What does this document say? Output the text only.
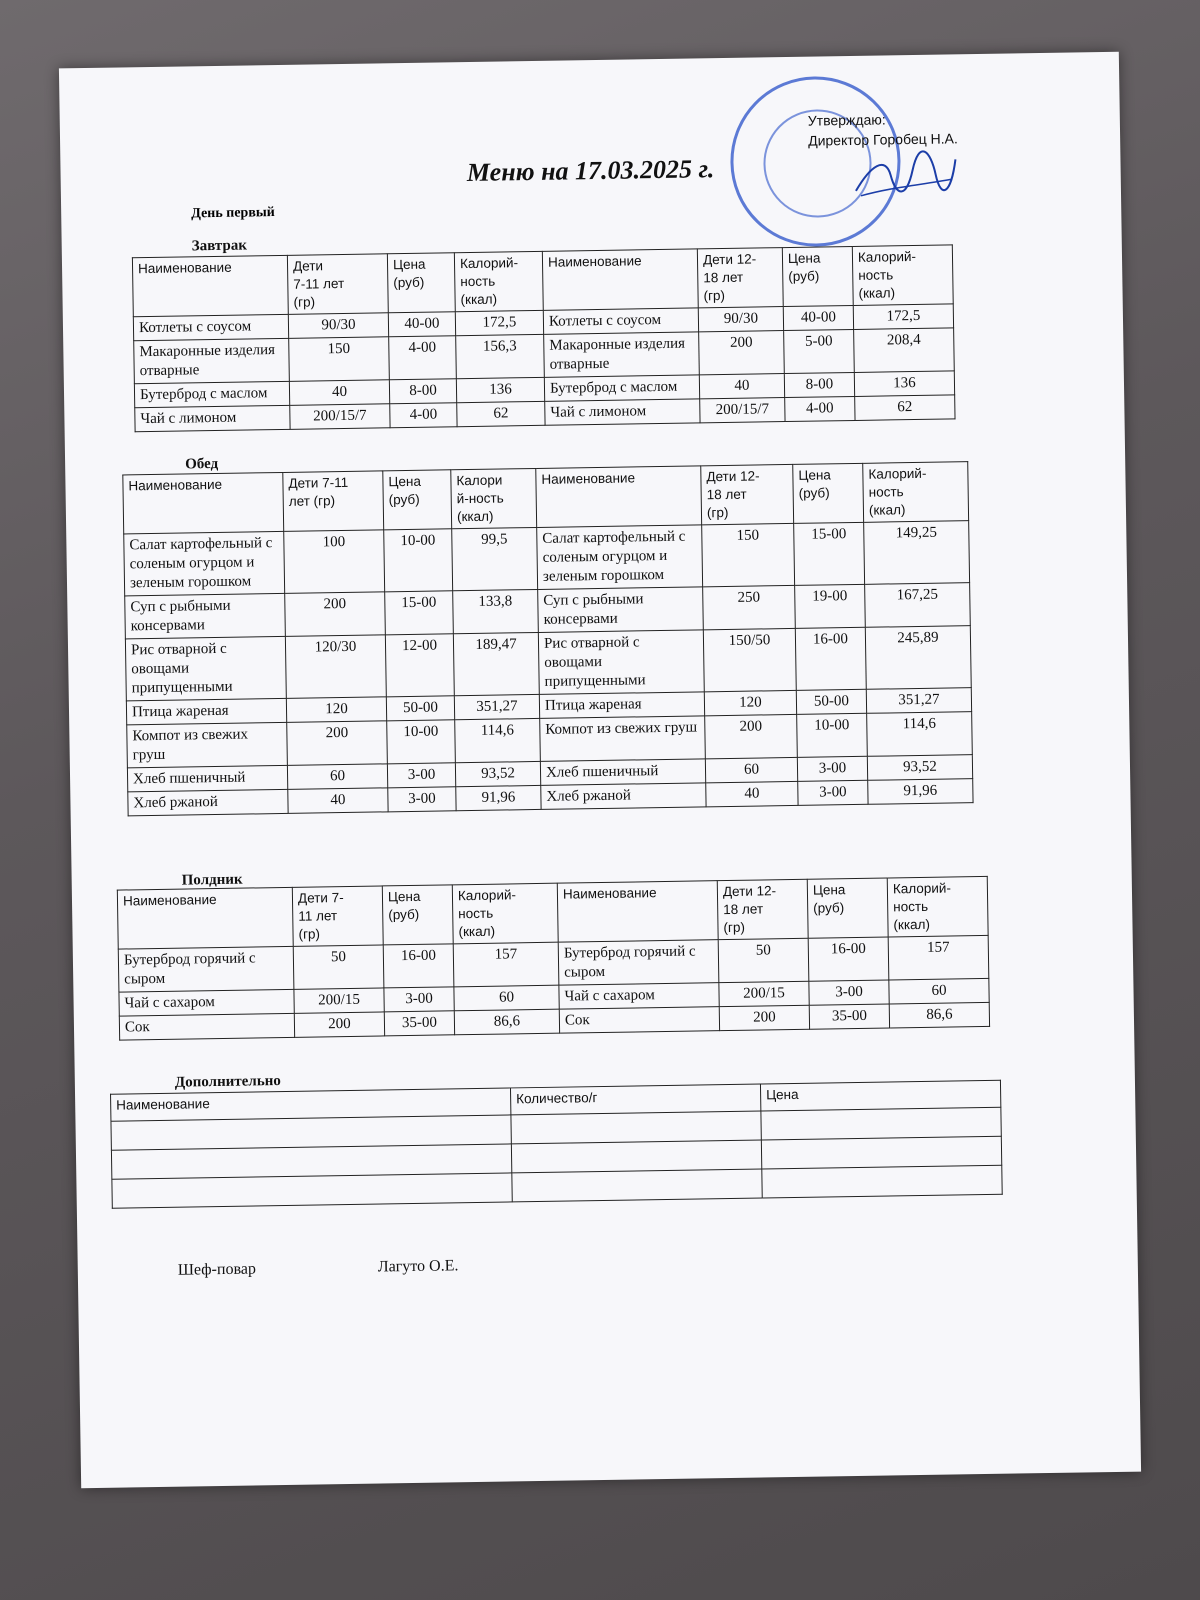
Утверждаю:
Директор Горобец Н.А.
Меню на 17.03.2025 г.
День первый
Завтрак
Наименование	Дети
7-11 лет
(гр)	Цена
(руб)	Калорий-
ность
(ккал)	Наименование	Дети 12-
18 лет
(гр)	Цена
(руб)	Калорий-
ность
(ккал)
Котлеты с соусом	90/30	40-00	172,5	Котлеты с соусом	90/30	40-00	172,5
Макаронные изделия отварные	150	4-00	156,3	Макаронные изделия отварные	200	5-00	208,4
Бутерброд с маслом	40	8-00	136	Бутерброд с маслом	40	8-00	136
Чай с лимоном	200/15/7	4-00	62	Чай с лимоном	200/15/7	4-00	62
Обед
Наименование	Дети 7-11
лет (гр)	Цена
(руб)	Калори
й-ность
(ккал)	Наименование	Дети 12-
18 лет
(гр)	Цена
(руб)	Калорий-
ность
(ккал)
Салат картофельный с соленым огурцом и зеленым горошком	100	10-00	99,5	Салат картофельный с соленым огурцом и зеленым горошком	150	15-00	149,25
Суп с рыбными консервами	200	15-00	133,8	Суп с рыбными консервами	250	19-00	167,25
Рис отварной с овощами припущенными	120/30	12-00	189,47	Рис отварной с овощами припущенными	150/50	16-00	245,89
Птица жареная	120	50-00	351,27	Птица жареная	120	50-00	351,27
Компот из свежих груш	200	10-00	114,6	Компот из свежих груш	200	10-00	114,6
Хлеб пшеничный	60	3-00	93,52	Хлеб пшеничный	60	3-00	93,52
Хлеб ржаной	40	3-00	91,96	Хлеб ржаной	40	3-00	91,96
Полдник
Наименование	Дети 7-
11 лет
(гр)	Цена
(руб)	Калорий-
ность
(ккал)	Наименование	Дети 12-
18 лет
(гр)	Цена
(руб)	Калорий-
ность
(ккал)
Бутерброд горячий с сыром	50	16-00	157	Бутерброд горячий с сыром	50	16-00	157
Чай с сахаром	200/15	3-00	60	Чай с сахаром	200/15	3-00	60
Сок	200	35-00	86,6	Сок	200	35-00	86,6
Дополнительно
Наименование	Количество/г	Цена

Шеф-повар	Лагуто О.Е.
